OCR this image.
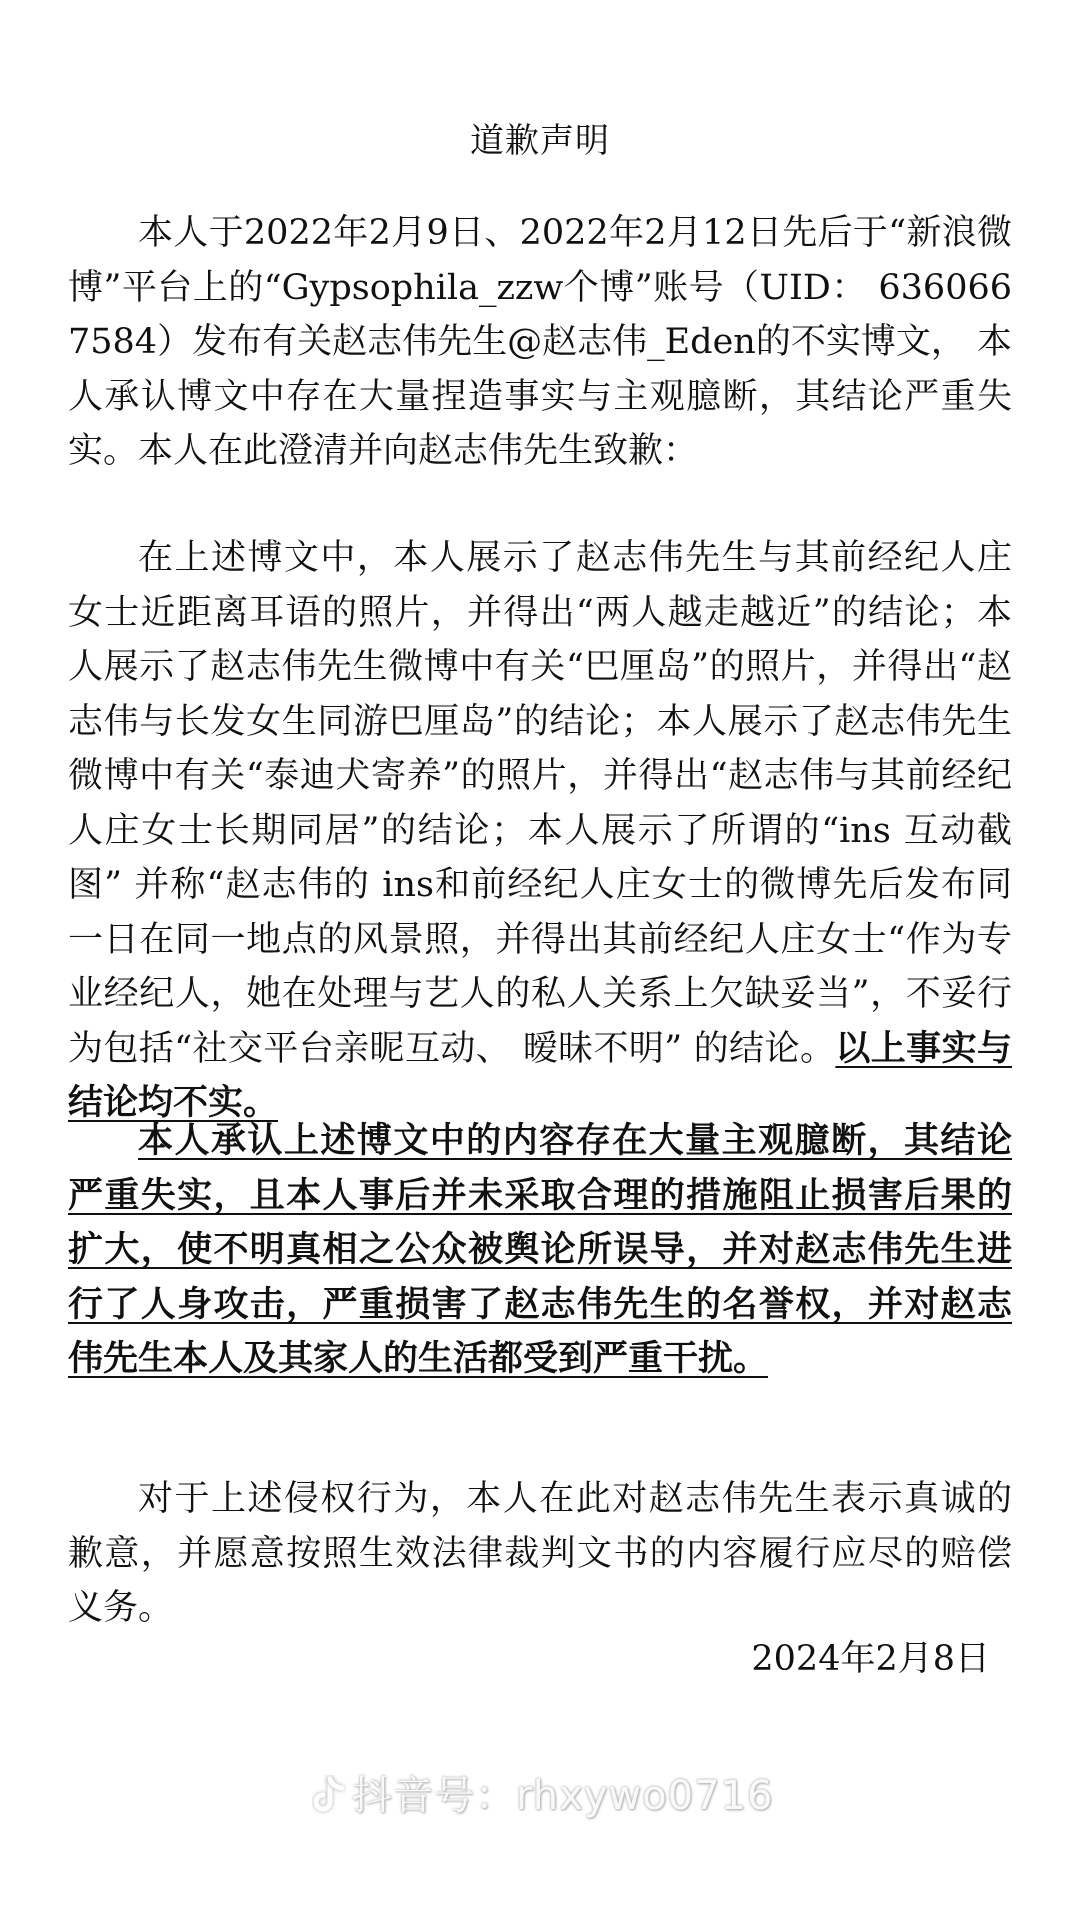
道歉声明

本人于2022年2月9日、2022年2月12日先后于“新浪微博”平台上的“Gypsophila_zzw个博”账号（UID： 6360667584）发布有关赵志伟先生@赵志伟_Eden的不实博文， 本人承认博文中存在大量捏造事实与主观臆断，其结论严重失实。本人在此澄清并向赵志伟先生致歉：

在上述博文中，本人展示了赵志伟先生与其前经纪人庄女士近距离耳语的照片，并得出“两人越走越近”的结论；本人展示了赵志伟先生微博中有关“巴厘岛”的照片，并得出“赵志伟与长发女生同游巴厘岛”的结论；本人展示了赵志伟先生微博中有关“泰迪犬寄养”的照片，并得出“赵志伟与其前经纪人庄女士长期同居”的结论；本人展示了所谓的“ins 互动截图” 并称“赵志伟的 ins和前经纪人庄女士的微博先后发布同一日在同一地点的风景照，并得出其前经纪人庄女士“作为专业经纪人，她在处理与艺人的私人关系上欠缺妥当”，不妥行为包括“社交平台亲昵互动、 暧昧不明” 的结论。以上事实与结论均不实。

本人承认上述博文中的内容存在大量主观臆断，其结论严重失实，且本人事后并未采取合理的措施阻止损害后果的扩大，使不明真相之公众被舆论所误导，并对赵志伟先生进行了人身攻击，严重损害了赵志伟先生的名誉权，并对赵志伟先生本人及其家人的生活都受到严重干扰。

对于上述侵权行为，本人在此对赵志伟先生表示真诚的歉意，并愿意按照生效法律裁判文书的内容履行应尽的赔偿义务。

2024年2月8日
抖音号：rhxywo0716
